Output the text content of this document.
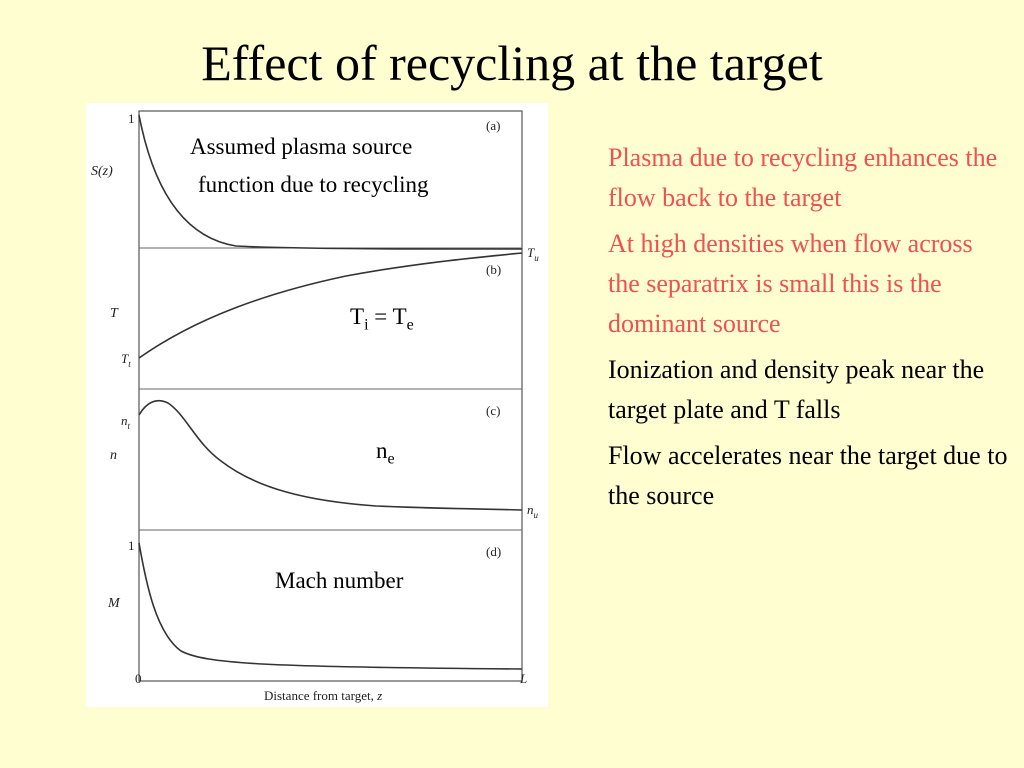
Effect of recycling at the target
(a)
(b)
(c)
(d)
S(z)
T
n
M
1
1
$T_t$
$n_t$
$T_u$
$n_u$
0	L
Distance from target, z
Assumed plasma source
function due to recycling
$T_i = T_e$
$n_e$
Mach number
Plasma due to recycling enhances the flow back to the target
At high densities when flow across the separatrix is small this is the dominant source
Ionization and density peak near the target plate and T falls
Flow accelerates near the target due to the source
